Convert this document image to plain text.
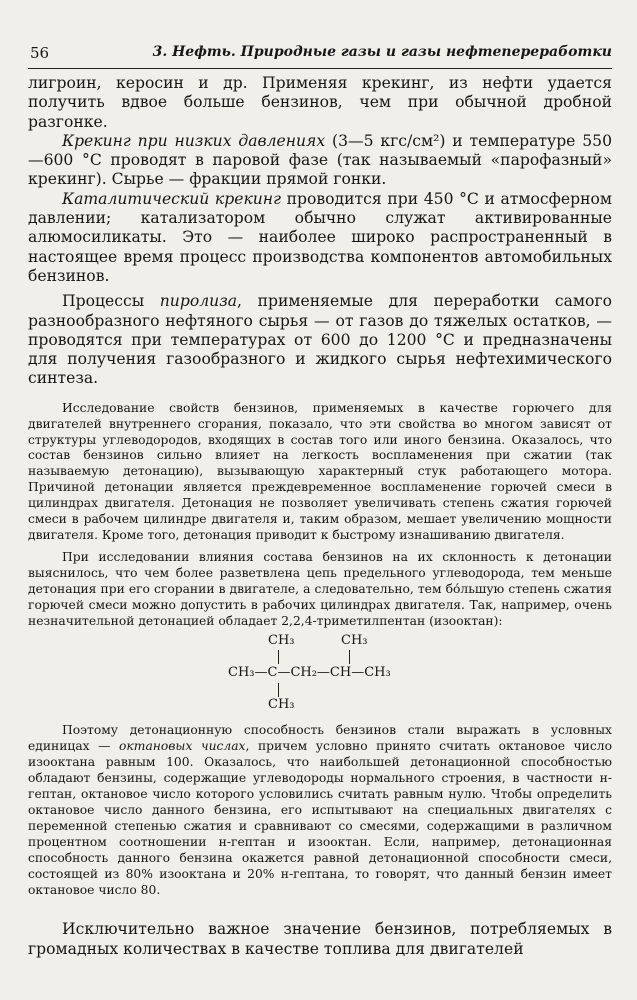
56	3. Нефть. Природные газы и газы нефтепереработки

лигроин, керосин и др. Применяя крекинг, из нефти удается получить вдвое больше бензинов, чем при обычной дробной разгонке.

Крекинг при низких давлениях (3—5 кгс/см²) и температуре 550—600 °С проводят в паровой фазе (так называемый «парофазный» крекинг). Сырье — фракции прямой гонки.

Каталитический крекинг проводится при 450 °С и атмосферном давлении; катализатором обычно служат активированные алюмосиликаты. Это — наиболее широко распространенный в настоящее время процесс производства компонентов автомобильных бензинов.

Процессы пиролиза, применяемые для переработки самого разнообразного нефтяного сырья — от газов до тяжелых остатков, — проводятся при температурах от 600 до 1200 °С и предназначены для получения газообразного и жидкого сырья нефтехимического синтеза.

Исследование свойств бензинов, применяемых в качестве горючего для двигателей внутреннего сгорания, показало, что эти свойства во многом зависят от структуры углеводородов, входящих в состав того или иного бензина. Оказалось, что состав бензинов сильно влияет на легкость воспламенения при сжатии (так называемую детонацию), вызывающую характерный стук работающего мотора. Причиной детонации является преждевременное воспламенение горючей смеси в цилиндрах двигателя. Детонация не позволяет увеличивать степень сжатия горючей смеси в рабочем цилиндре двигателя и, таким образом, мешает увеличению мощности двигателя. Кроме того, детонация приводит к быстрому изнашиванию двигателя.

При исследовании влияния состава бензинов на их склонность к детонации выяснилось, что чем более разветвлена цепь предельного углеводорода, тем меньше детонация при его сгорании в двигателе, а следовательно, тем бо́льшую степень сжатия горючей смеси можно допустить в рабочих цилиндрах двигателя. Так, например, очень незначительной детонацией обладает 2,2,4-триметилпентан (изооктан):

CH₃	CH₃
CH₃—C—CH₂—CH—CH₃
CH₃

Поэтому детонационную способность бензинов стали выражать в условных единицах — октановых числах, причем условно принято считать октановое число изооктана равным 100. Оказалось, что наибольшей детонационной способностью обладают бензины, содержащие углеводороды нормального строения, в частности н-гептан, октановое число которого условились считать равным нулю. Чтобы определить октановое число данного бензина, его испытывают на специальных двигателях с переменной степенью сжатия и сравнивают со смесями, содержащими в различном процентном соотношении н-гептан и изооктан. Если, например, детонационная способность данного бензина окажется равной детонационной способности смеси, состоящей из 80% изооктана и 20% н-гептана, то говорят, что данный бензин имеет октановое число 80.

Исключительно важное значение бензинов, потребляемых в громадных количествах в качестве топлива для двигателей
